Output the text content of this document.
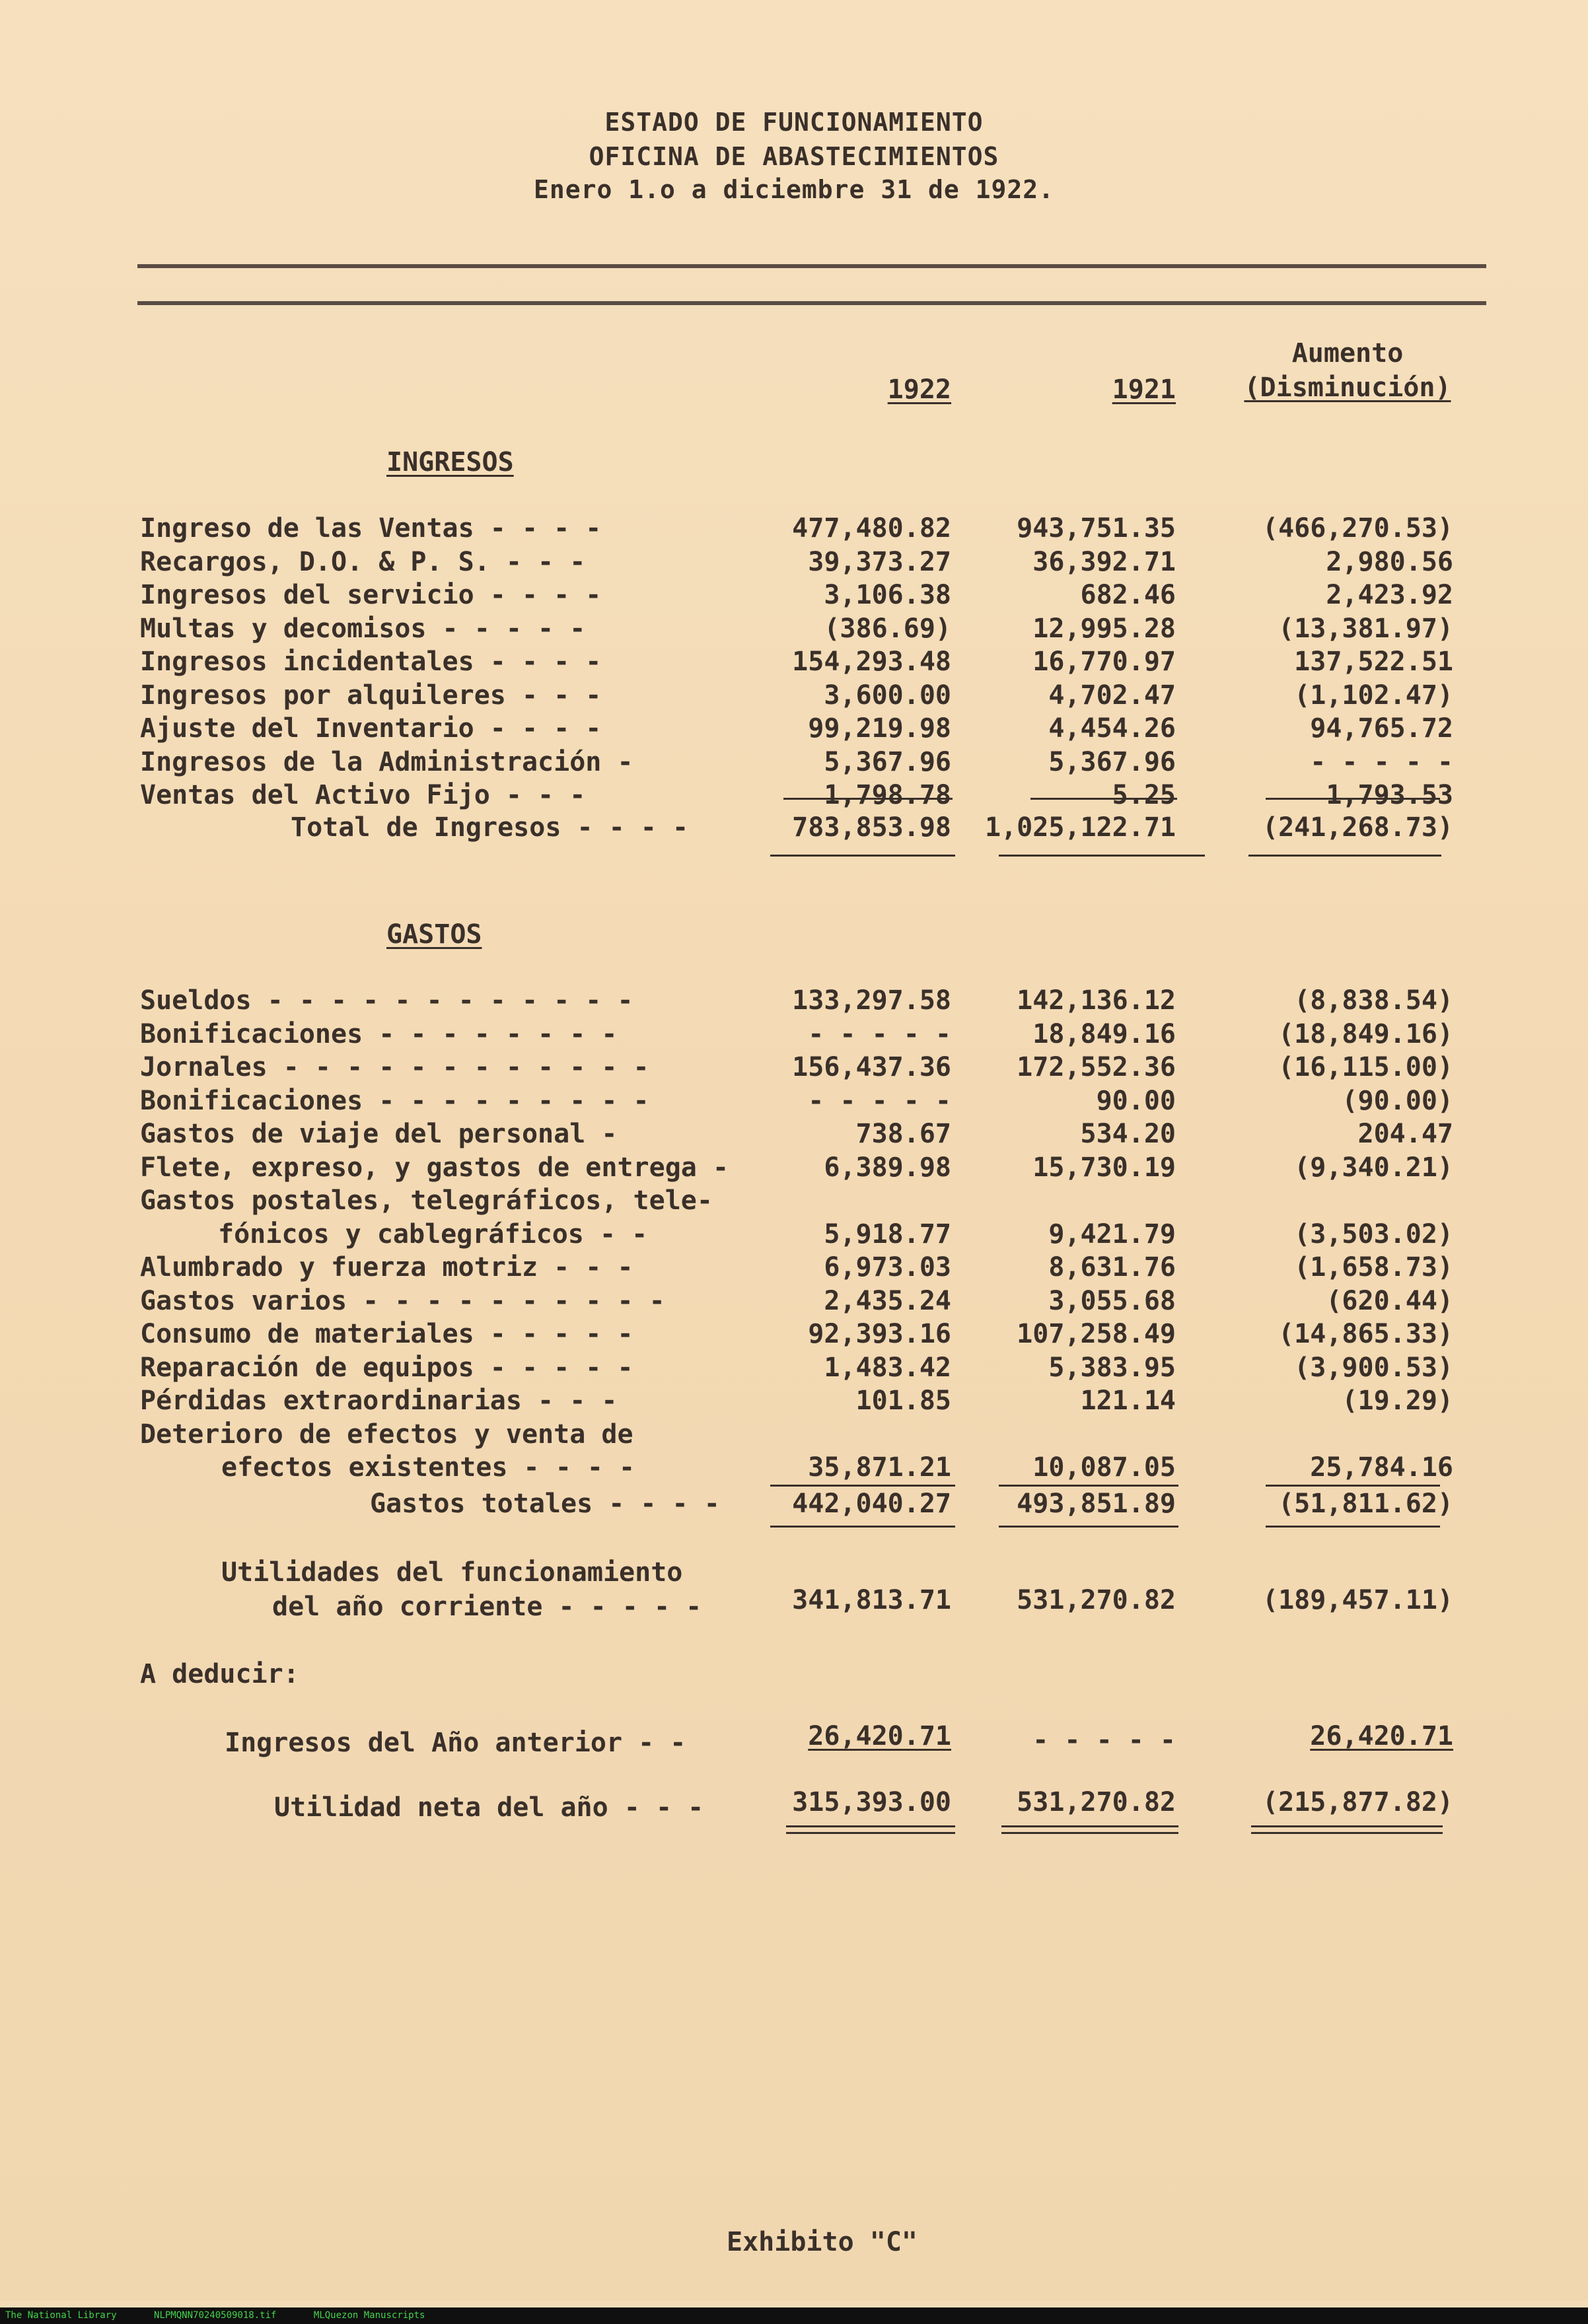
ESTADO DE FUNCIONAMIENTO
OFICINA DE ABASTECIMIENTOS
Enero 1.o a diciembre 31 de 1922.
1922	1921
Aumento
(Disminución)
INGRESOS
Total de Ingresos - - - -	783,853.98	1,025,122.71	(241,268.73)
GASTOS
Gastos totales - - - -	442,040.27	493,851.89	(51,811.62)
Utilidades del funcionamiento
del año corriente - - - - -	341,813.71	531,270.82	(189,457.11)
A deducir:
Ingresos del Año anterior - -	26,420.71	- - - - -	26,420.71
Utilidad neta del año - - -	315,393.00	531,270.82	(215,877.82)
Exhibito "C"
Ingreso de las Ventas - - - -	477,480.82	943,751.35	(466,270.53)
Recargos, D.O. & P. S. - - -	39,373.27	36,392.71	2,980.56
Ingresos del servicio - - - -	3,106.38	682.46	2,423.92
Multas y decomisos - - - - -	(386.69)	12,995.28	(13,381.97)
Ingresos incidentales - - - -	154,293.48	16,770.97	137,522.51
Ingresos por alquileres - - -	3,600.00	4,702.47	(1,102.47)
Ajuste del Inventario - - - -	99,219.98	4,454.26	94,765.72
Ingresos de la Administración -	5,367.96	5,367.96	- - - - -
Ventas del Activo Fijo - - -	1,798.78	5.25	1,793.53
Sueldos - - - - - - - - - - - -	133,297.58	142,136.12	(8,838.54)
Bonificaciones - - - - - - - -	- - - - -	18,849.16	(18,849.16)
Jornales - - - - - - - - - - - -	156,437.36	172,552.36	(16,115.00)
Bonificaciones - - - - - - - - -	- - - - -	90.00	(90.00)
Gastos de viaje del personal -	738.67	534.20	204.47
Flete, expreso, y gastos de entrega -	6,389.98	15,730.19	(9,340.21)
Gastos postales, telegráficos, tele-
fónicos y cablegráficos - -	5,918.77	9,421.79	(3,503.02)
Alumbrado y fuerza motriz - - -	6,973.03	8,631.76	(1,658.73)
Gastos varios - - - - - - - - - -	2,435.24	3,055.68	(620.44)
Consumo de materiales - - - - -	92,393.16	107,258.49	(14,865.33)
Reparación de equipos - - - - -	1,483.42	5,383.95	(3,900.53)
Pérdidas extraordinarias - - -	101.85	121.14	(19.29)
Deterioro de efectos y venta de
efectos existentes - - - -	35,871.21	10,087.05	25,784.16
The National Library	NLPMQNN70240509018.tif	MLQuezon Manuscripts
